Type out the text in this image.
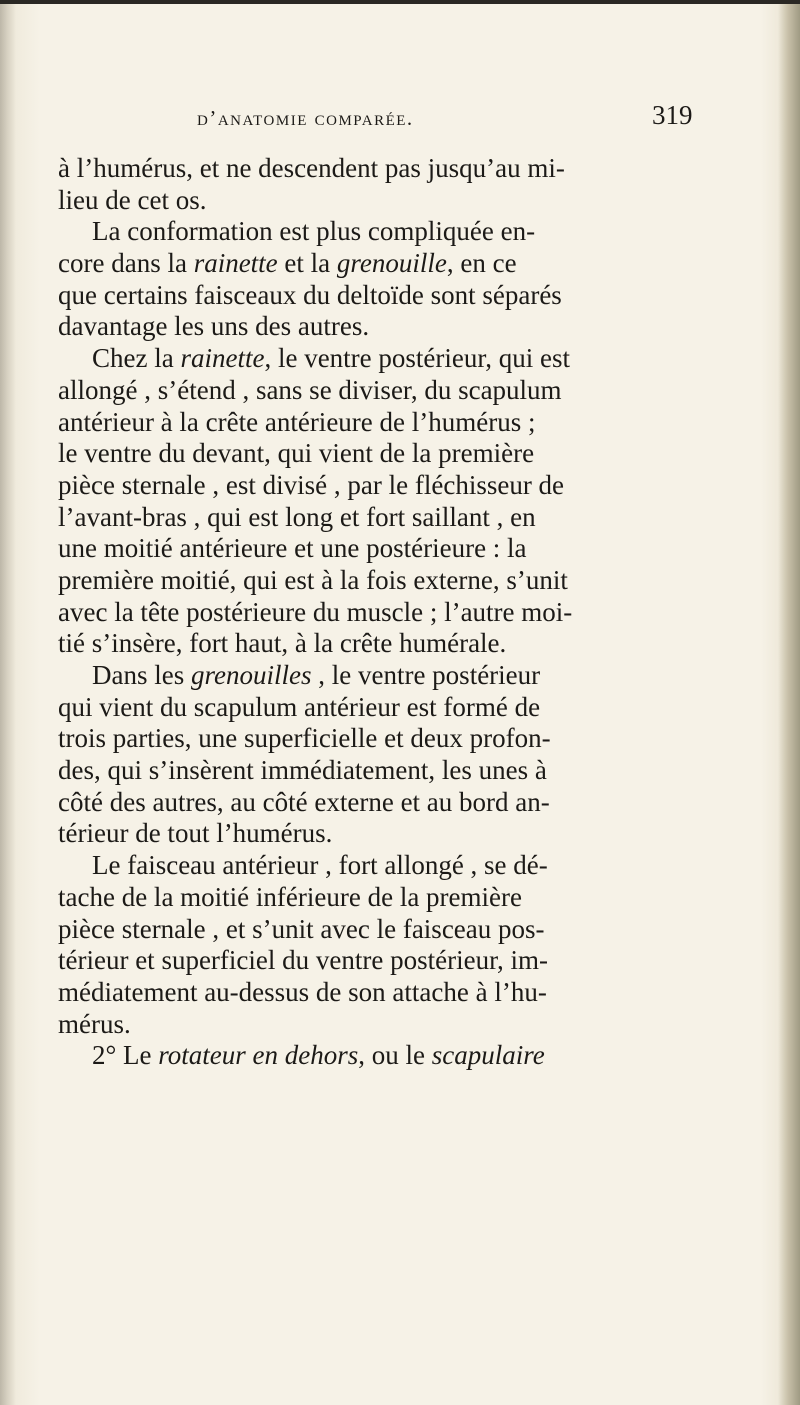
d’anatomie comparée.	319
à l’humérus, et ne descendent pas jusqu’au mi-
lieu de cet os.
La conformation est plus compliquée en-
core dans la rainette et la grenouille, en ce
que certains faisceaux du deltoïde sont séparés
davantage les uns des autres.
Chez la rainette, le ventre postérieur, qui est
allongé , s’étend , sans se diviser, du scapulum
antérieur à la crête antérieure de l’humérus ;
le ventre du devant, qui vient de la première
pièce sternale , est divisé , par le fléchisseur de
l’avant-bras , qui est long et fort saillant , en
une moitié antérieure et une postérieure : la
première moitié, qui est à la fois externe, s’unit
avec la tête postérieure du muscle ; l’autre moi-
tié s’insère, fort haut, à la crête humérale.
Dans les grenouilles , le ventre postérieur
qui vient du scapulum antérieur est formé de
trois parties, une superficielle et deux profon-
des, qui s’insèrent immédiatement, les unes à
côté des autres, au côté externe et au bord an-
térieur de tout l’humérus.
Le faisceau antérieur , fort allongé , se dé-
tache de la moitié inférieure de la première
pièce sternale , et s’unit avec le faisceau pos-
térieur et superficiel du ventre postérieur, im-
médiatement au-dessus de son attache à l’hu-
mérus.
2° Le rotateur en dehors, ou le scapulaire
